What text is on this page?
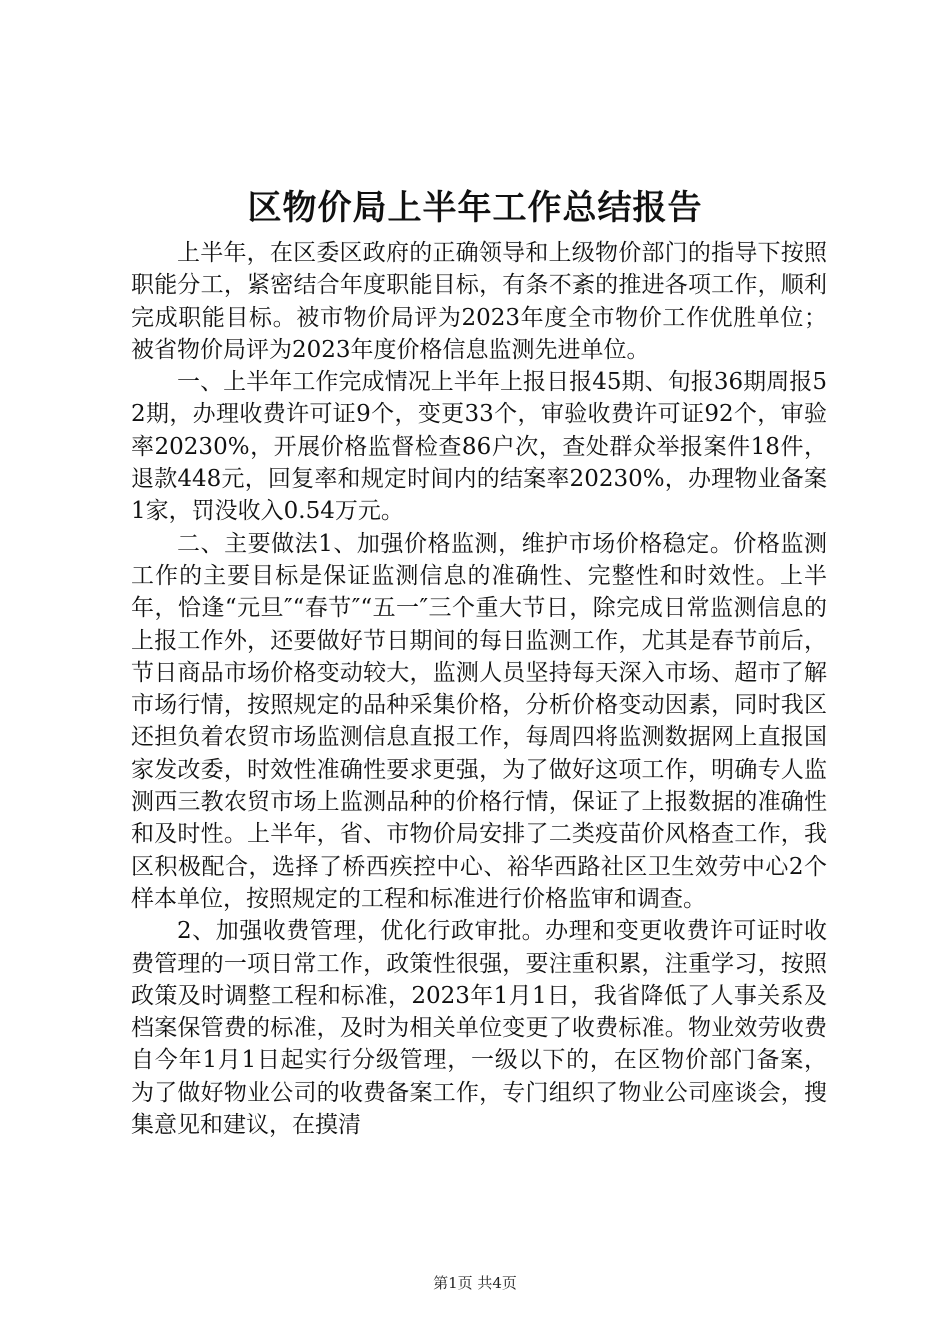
区物价局上半年工作总结报告

上半年，在区委区政府的正确领导和上级物价部门的指导下按照职能分工，紧密结合年度职能目标，有条不紊的推进各项工作，顺利完成职能目标。被市物价局评为2023年度全市物价工作优胜单位；被省物价局评为2023年度价格信息监测先进单位。

一、上半年工作完成情况上半年上报日报45期、旬报36期周报52期，办理收费许可证9个，变更33个，审验收费许可证92个，审验率20230%，开展价格监督检查86户次，查处群众举报案件18件，退款448元，回复率和规定时间内的结案率20230%，办理物业备案1家，罚没收入0.54万元。

二、主要做法1、加强价格监测，维护市场价格稳定。价格监测工作的主要目标是保证监测信息的准确性、完整性和时效性。上半年，恰逢“元旦″“春节″“五一″三个重大节日，除完成日常监测信息的上报工作外，还要做好节日期间的每日监测工作，尤其是春节前后，节日商品市场价格变动较大，监测人员坚持每天深入市场、超市了解市场行情，按照规定的品种采集价格，分析价格变动因素，同时我区还担负着农贸市场监测信息直报工作，每周四将监测数据网上直报国家发改委，时效性准确性要求更强，为了做好这项工作，明确专人监测西三教农贸市场上监测品种的价格行情，保证了上报数据的准确性和及时性。上半年，省、市物价局安排了二类疫苗价风格查工作，我区积极配合，选择了桥西疾控中心、裕华西路社区卫生效劳中心2个样本单位，按照规定的工程和标准进行价格监审和调查。

2、加强收费管理，优化行政审批。办理和变更收费许可证时收费管理的一项日常工作，政策性很强，要注重积累，注重学习，按照政策及时调整工程和标准，2023年1月1日，我省降低了人事关系及档案保管费的标准，及时为相关单位变更了收费标准。物业效劳收费自今年1月1日起实行分级管理，一级以下的，在区物价部门备案，为了做好物业公司的收费备案工作，专门组织了物业公司座谈会，搜集意见和建议，在摸清

第1页 共4页
